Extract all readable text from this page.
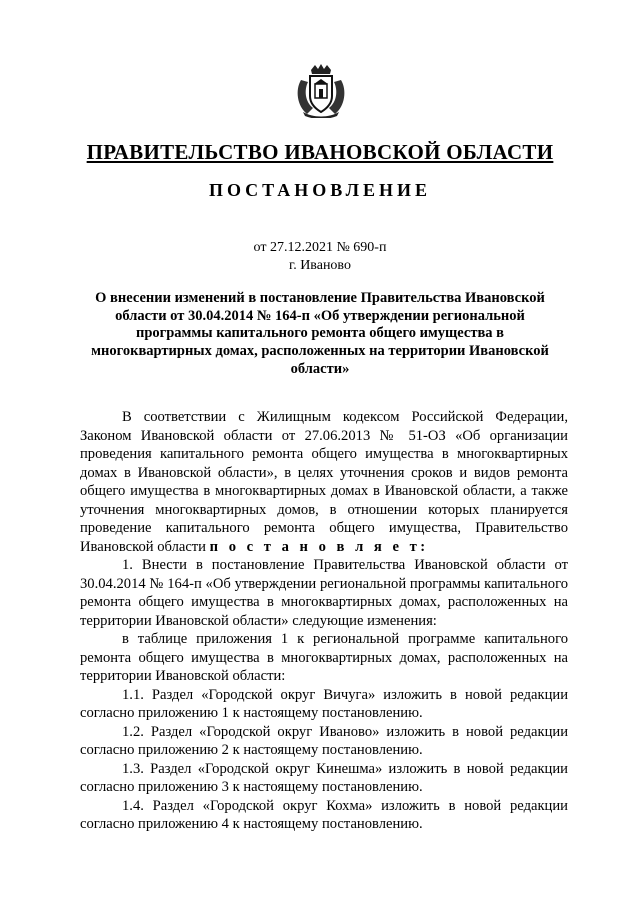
ПРАВИТЕЛЬСТВО ИВАНОВСКОЙ ОБЛАСТИ
ПОСТАНОВЛЕНИЕ
от 27.12.2021 № 690-п
г. Иваново
О внесении изменений в постановление Правительства Ивановской области от 30.04.2014 № 164-п «Об утверждении региональной программы капитального ремонта общего имущества в многоквартирных домах, расположенных на территории Ивановской области»

В соответствии с Жилищным кодексом Российской Федерации, Законом Ивановской области от 27.06.2013 № 51-ОЗ «Об организации проведения капитального ремонта общего имущества в многоквартирных домах в Ивановской области», в целях уточнения сроков и видов ремонта общего имущества в многоквартирных домах в Ивановской области, а также уточнения многоквартирных домов, в отношении которых планируется проведение капитального ремонта общего имущества, Правительство Ивановской области п о с т а н о в л я е т:

1. Внести в постановление Правительства Ивановской области от 30.04.2014 № 164-п «Об утверждении региональной программы капитального ремонта общего имущества в многоквартирных домах, расположенных на территории Ивановской области» следующие изменения:

в таблице приложения 1 к региональной программе капитального ремонта общего имущества в многоквартирных домах, расположенных на территории Ивановской области:

1.1. Раздел «Городской округ Вичуга» изложить в новой редакции согласно приложению 1 к настоящему постановлению.

1.2. Раздел «Городской округ Иваново» изложить в новой редакции согласно приложению 2 к настоящему постановлению.

1.3. Раздел «Городской округ Кинешма» изложить в новой редакции согласно приложению 3 к настоящему постановлению.

1.4. Раздел «Городской округ Кохма» изложить в новой редакции согласно приложению 4 к настоящему постановлению.
